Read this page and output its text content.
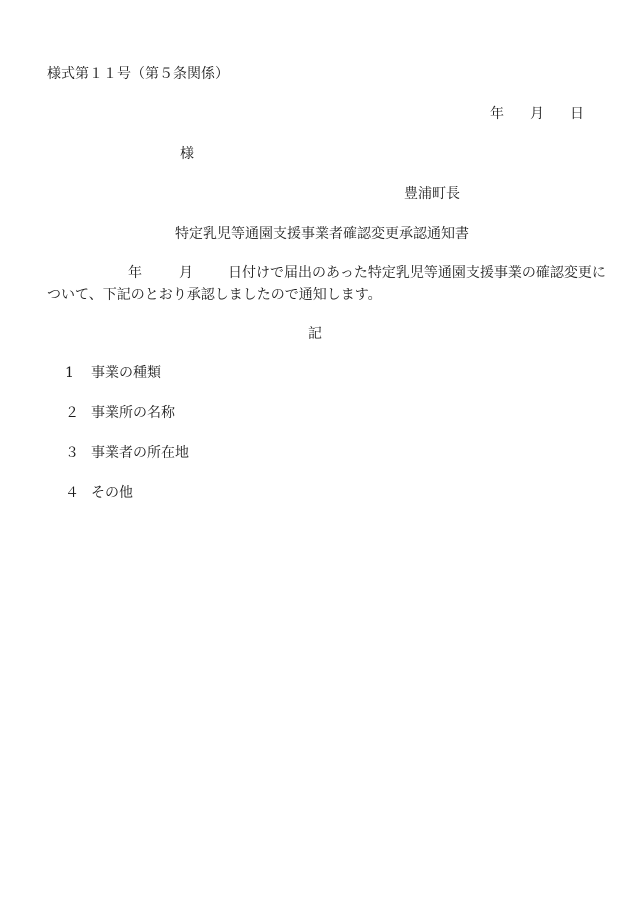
様式第１１号（第５条関係）
年 月 日
様
豊浦町長
特定乳児等通園支援事業者確認変更承認通知書
年	月	日付けで届出のあった特定乳児等通園支援事業の確認変更に
ついて、下記のとおり承認しましたので通知します。
記
1 事業の種類
２ 事業所の名称
３ 事業者の所在地
４ その他
